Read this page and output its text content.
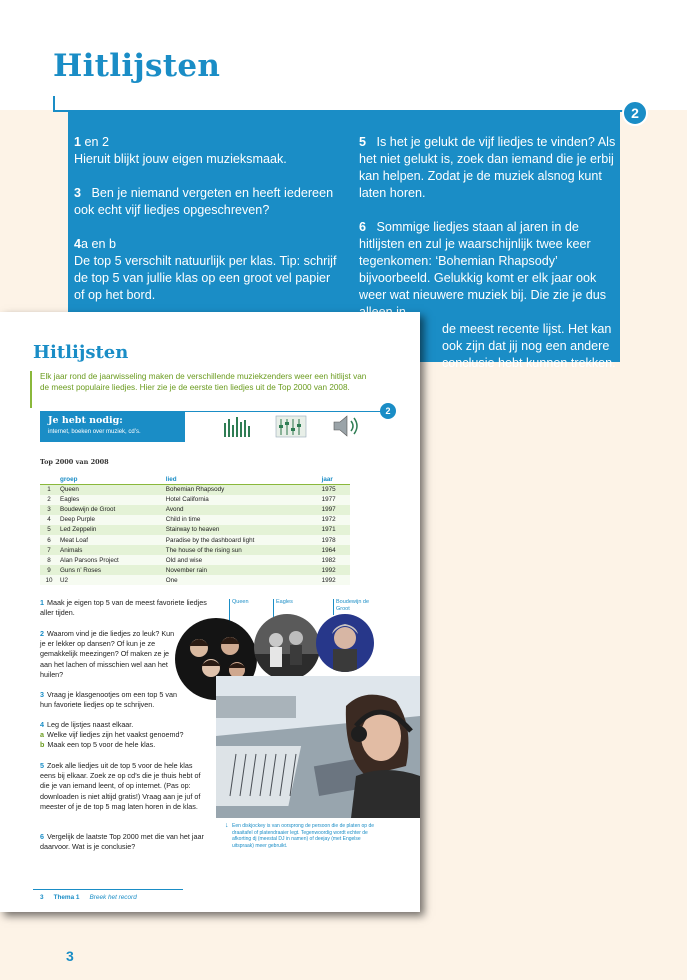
Hitlijsten
2

1 en 2
Hieruit blijkt jouw eigen muzieksmaak.

3 Ben je niemand vergeten en heeft iedereen ook echt vijf liedjes opgeschreven?

4a en b
De top 5 verschilt natuurlijk per klas. Tip: schrijf de top 5 van jullie klas op een groot vel papier of op het bord.

5 Is het je gelukt de vijf liedjes te vinden? Als het niet gelukt is, zoek dan iemand die je erbij kan helpen. Zodat je de muziek alsnog kunt laten horen.

6 Sommige liedjes staan al jaren in de hitlijsten en zul je waarschijnlijk twee keer tegenkomen: ‘Bohemian Rhapsody’ bijvoorbeeld. Gelukkig komt er elk jaar ook weer wat nieuwere muziek bij. Die zie je dus

de meest recente lijst. Het kan ook zijn dat jij nog een andere conclusie hebt kunnen trekken.
Hitlijsten
Elk jaar rond de jaarwisseling maken de verschillende muziekzenders weer een hitlijst van de meest populaire liedjes. Hier zie je de eerste tien liedjes uit de Top 2000 van 2008.
2
Je hebt nodig:
internet, boeken over muziek, cd’s.
Top 2000 van 2008
	groep	lied	jaar
1	Queen	Bohemian Rhapsody	1975
2	Eagles	Hotel California	1977
3	Boudewijn de Groot	Avond	1997
4	Deep Purple	Child in time	1972
5	Led Zeppelin	Stairway to heaven	1971
6	Meat Loaf	Paradise by the dashboard light	1978
7	Animals	The house of the rising sun	1964
8	Alan Parsons Project	Old and wise	1982
9	Guns n’ Roses	November rain	1992
10	U2	One	1992
1 Maak je eigen top 5 van de meest favoriete liedjes aller tijden.
2 Waarom vind je die liedjes zo leuk? Kun je er lekker op dansen? Of kun je ze gemakkelijk meezingen? Of maken ze je aan het lachen of misschien wel aan het huilen?
3 Vraag je klasgenootjes om een top 5 van hun favoriete liedjes op te schrijven.
4 Leg de lijstjes naast elkaar.
a Welke vijf liedjes zijn het vaakst genoemd?
b Maak een top 5 voor de hele klas.
5 Zoek alle liedjes uit de top 5 voor de hele klas eens bij elkaar. Zoek ze op cd’s die je thuis hebt of die je van iemand leent, of op internet. (Pas op: downloaden is niet altijd gratis!) Vraag aan je juf of meester of je de top 5 mag laten horen in de klas.
6 Vergelijk de laatste Top 2000 met die van het jaar daarvoor. Wat is je conclusie?
Queen	Eagles	Boudewijn de Groot
↓ Een diskjockey is van oorsprong de persoon die de platen op de draaitafel of platendraaier legt. Tegenwoordig wordt echter de afkorting dj (meestal DJ in namen) of deejay (met Engelse uitspraak) meer gebruikt.
3 Thema 1 Breek het record
3
